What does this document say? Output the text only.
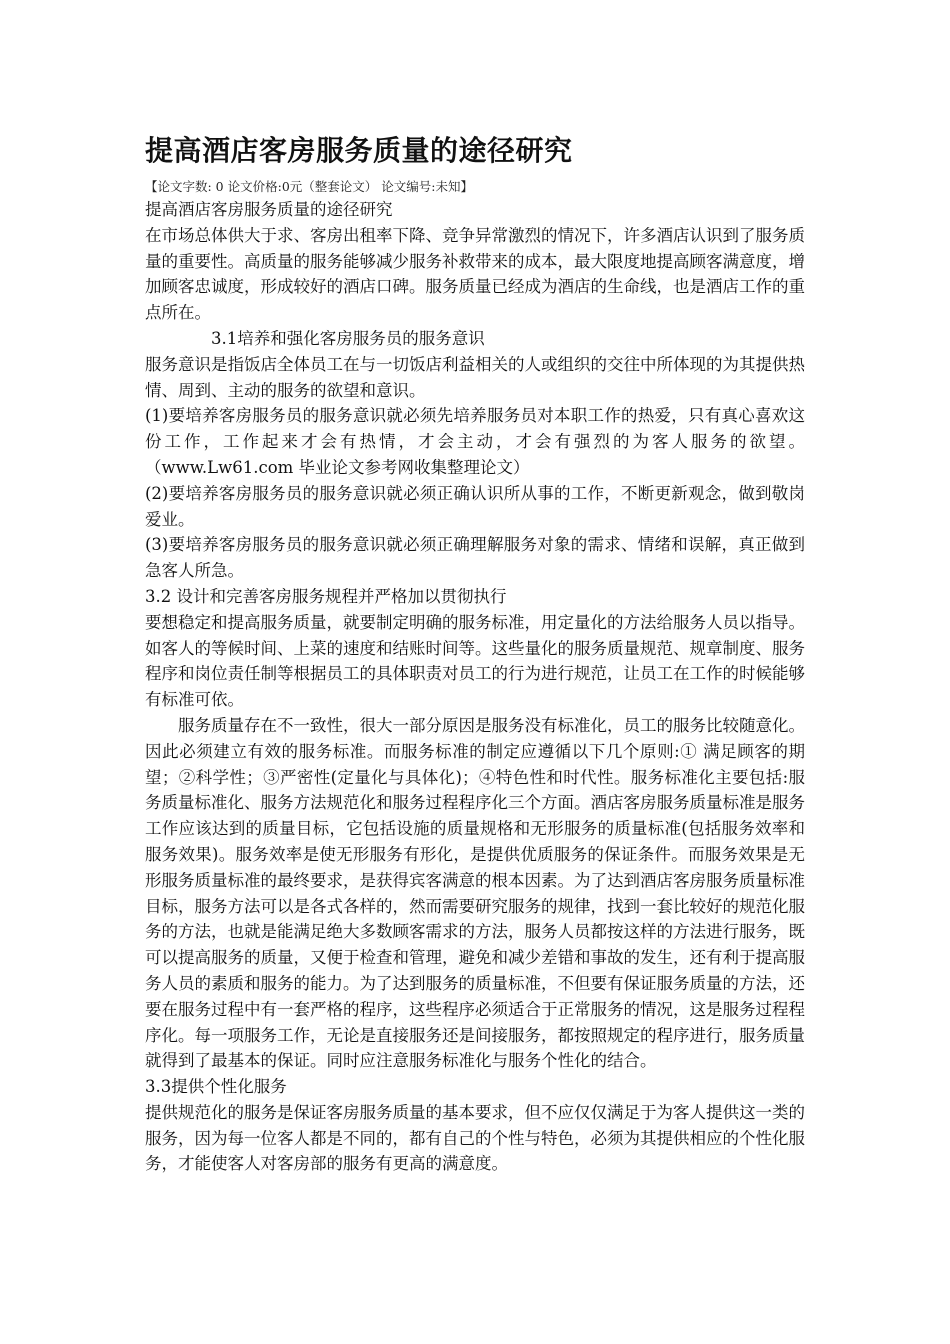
提高酒店客房服务质量的途径研究
【论文字数: 0 论文价格:0元（整套论文） 论文编号:未知】

提高酒店客房服务质量的途径研究

在市场总体供大于求、客房出租率下降、竞争异常激烈的情况下，许多酒店认识到了服务质量的重要性。高质量的服务能够减少服务补救带来的成本，最大限度地提高顾客满意度，增加顾客忠诚度，形成较好的酒店口碑。服务质量已经成为酒店的生命线，也是酒店工作的重点所在。

3.1培养和强化客房服务员的服务意识

服务意识是指饭店全体员工在与一切饭店利益相关的人或组织的交往中所体现的为其提供热情、周到、主动的服务的欲望和意识。

(1)要培养客房服务员的服务意识就必须先培养服务员对本职工作的热爱，只有真心喜欢这份工作，工作起来才会有热情，才会主动，才会有强烈的为客人服务的欲望。（www.Lw61.com 毕业论文参考网收集整理论文）

(2)要培养客房服务员的服务意识就必须正确认识所从事的工作，不断更新观念，做到敬岗爱业。

(3)要培养客房服务员的服务意识就必须正确理解服务对象的需求、情绪和误解，真正做到急客人所急。

3.2 设计和完善客房服务规程并严格加以贯彻执行

要想稳定和提高服务质量，就要制定明确的服务标准，用定量化的方法给服务人员以指导。如客人的等候时间、上菜的速度和结账时间等。这些量化的服务质量规范、规章制度、服务程序和岗位责任制等根据员工的具体职责对员工的行为进行规范，让员工在工作的时候能够有标准可依。

服务质量存在不一致性，很大一部分原因是服务没有标准化，员工的服务比较随意化。因此必须建立有效的服务标准。而服务标准的制定应遵循以下几个原则:① 满足顾客的期望；②科学性；③严密性(定量化与具体化)；④特色性和时代性。服务标准化主要包括:服务质量标准化、服务方法规范化和服务过程程序化三个方面。酒店客房服务质量标准是服务工作应该达到的质量目标，它包括设施的质量规格和无形服务的质量标准(包括服务效率和服务效果)。服务效率是使无形服务有形化，是提供优质服务的保证条件。而服务效果是无形服务质量标准的最终要求，是获得宾客满意的根本因素。为了达到酒店客房服务质量标准目标，服务方法可以是各式各样的，然而需要研究服务的规律，找到一套比较好的规范化服务的方法，也就是能满足绝大多数顾客需求的方法，服务人员都按这样的方法进行服务，既可以提高服务的质量，又便于检查和管理，避免和减少差错和事故的发生，还有利于提高服务人员的素质和服务的能力。为了达到服务的质量标准，不但要有保证服务质量的方法，还要在服务过程中有一套严格的程序，这些程序必须适合于正常服务的情况，这是服务过程程序化。每一项服务工作，无论是直接服务还是间接服务，都按照规定的程序进行，服务质量就得到了最基本的保证。同时应注意服务标准化与服务个性化的结合。

3.3提供个性化服务

提供规范化的服务是保证客房服务质量的基本要求，但不应仅仅满足于为客人提供这一类的服务，因为每一位客人都是不同的，都有自己的个性与特色，必须为其提供相应的个性化服务，才能使客人对客房部的服务有更高的满意度。
